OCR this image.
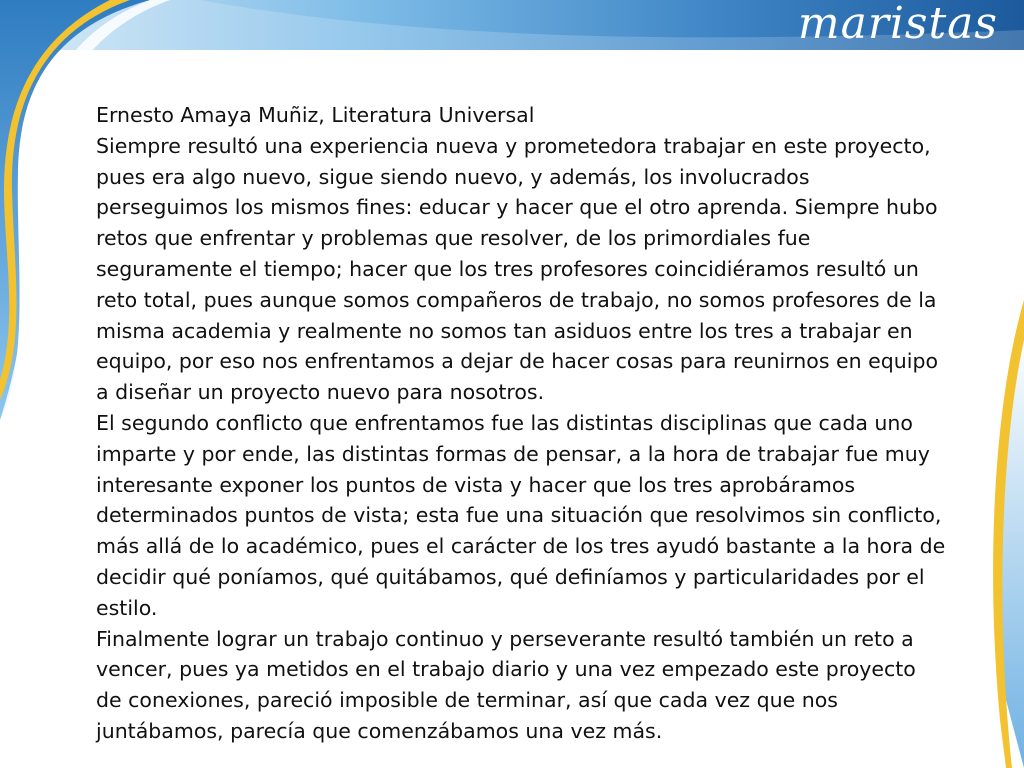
maristas

Ernesto Amaya Muñiz, Literatura Universal

Siempre resultó una experiencia nueva y prometedora trabajar en este proyecto, pues era algo nuevo, sigue siendo nuevo, y además, los involucrados perseguimos los mismos fines: educar y hacer que el otro aprenda. Siempre hubo retos que enfrentar y problemas que resolver, de los primordiales fue seguramente el tiempo; hacer que los tres profesores coincidiéramos resultó un reto total, pues aunque somos compañeros de trabajo, no somos profesores de la misma academia y realmente no somos tan asiduos entre los tres a trabajar en equipo, por eso nos enfrentamos a dejar de hacer cosas para reunirnos en equipo a diseñar un proyecto nuevo para nosotros.

El segundo conflicto que enfrentamos fue las distintas disciplinas que cada uno imparte y por ende, las distintas formas de pensar, a la hora de trabajar fue muy interesante exponer los puntos de vista y hacer que los tres aprobáramos determinados puntos de vista; esta fue una situación que resolvimos sin conflicto, más allá de lo académico, pues el carácter de los tres ayudó bastante a la hora de decidir qué poníamos, qué quitábamos, qué definíamos y particularidades por el estilo.

Finalmente lograr un trabajo continuo y perseverante resultó también un reto a vencer, pues ya metidos en el trabajo diario y una vez empezado este proyecto de conexiones, pareció imposible de terminar, así que cada vez que nos juntábamos, parecía que comenzábamos una vez más.
